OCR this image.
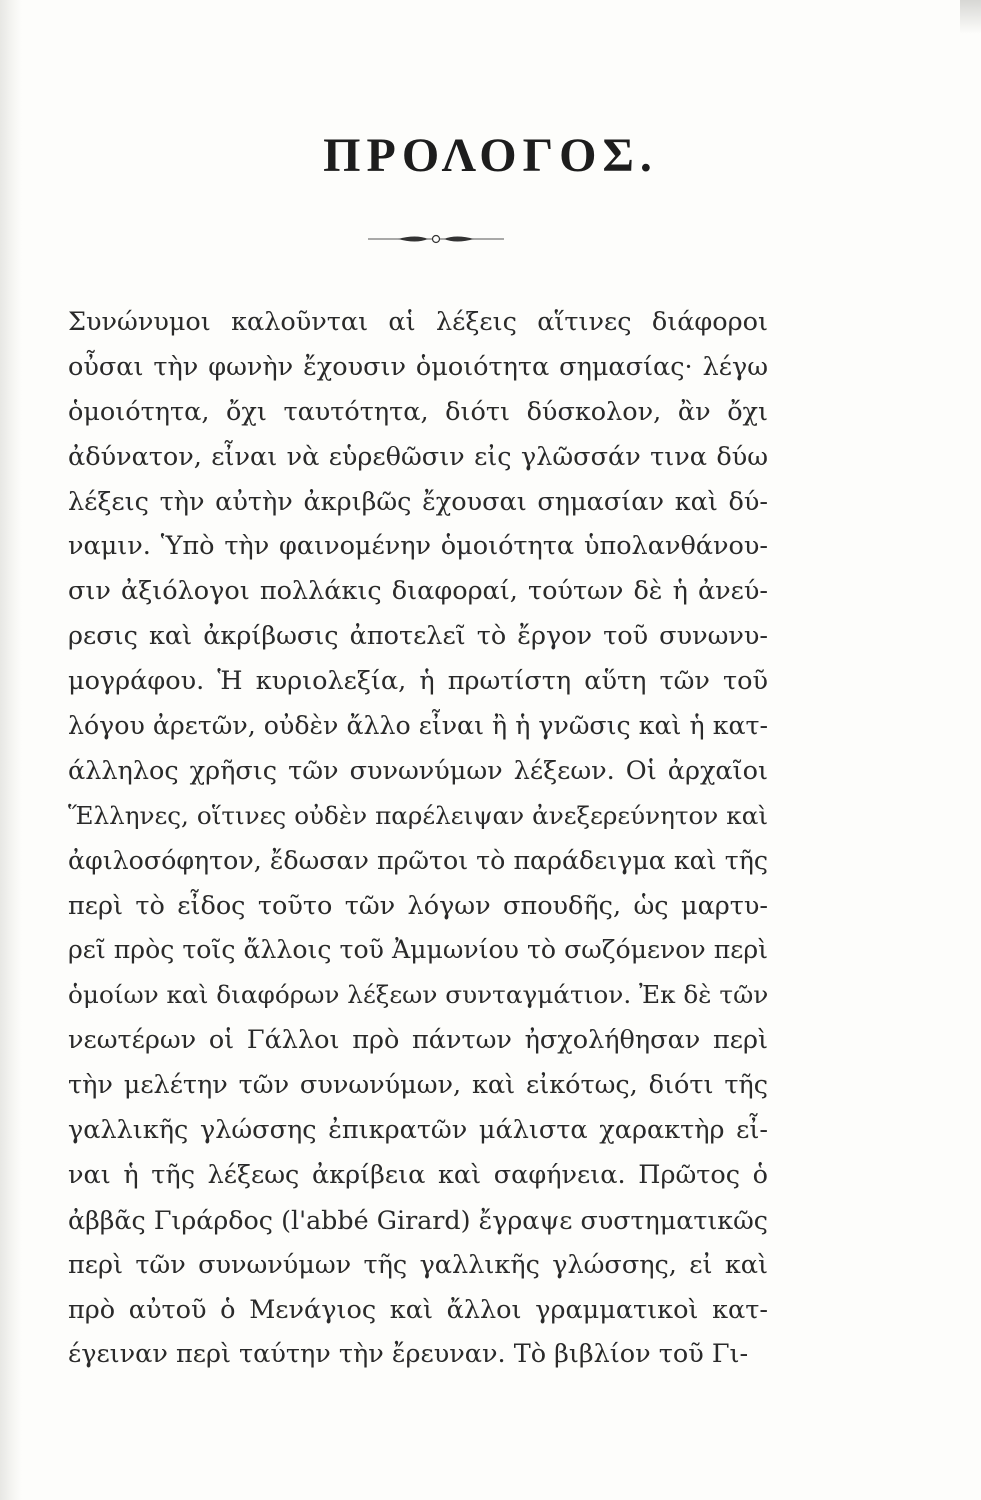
ΠΡΟΛΟΓΟΣ.
Συνώνυμοι καλοῦνται αἱ λέξεις αἵτινες διάφοροι
οὖσαι τὴν φωνὴν ἔχουσιν ὁμοιότητα σημασίας· λέγω
ὁμοιότητα, ὄχι ταυτότητα, διότι δύσκολον, ἂν ὄχι
ἀδύνατον, εἶναι νὰ εὑρεθῶσιν εἰς γλῶσσάν τινα δύω
λέξεις τὴν αὐτὴν ἀκριβῶς ἔχουσαι σημασίαν καὶ δύ-
ναμιν. Ὑπὸ τὴν φαινομένην ὁμοιότητα ὑπολανθάνου-
σιν ἀξιόλογοι πολλάκις διαφοραί, τούτων δὲ ἡ ἀνεύ-
ρεσις καὶ ἀκρίβωσις ἀποτελεῖ τὸ ἔργον τοῦ συνωνυ-
μογράφου. Ἡ κυριολεξία, ἡ πρωτίστη αὕτη τῶν τοῦ
λόγου ἀρετῶν, οὐδὲν ἄλλο εἶναι ἢ ἡ γνῶσις καὶ ἡ κατ-
άλληλος χρῆσις τῶν συνωνύμων λέξεων. Οἱ ἀρχαῖοι
Ἕλληνες, οἵτινες οὐδὲν παρέλειψαν ἀνεξερεύνητον καὶ
ἀφιλοσόφητον, ἔδωσαν πρῶτοι τὸ παράδειγμα καὶ τῆς
περὶ τὸ εἶδος τοῦτο τῶν λόγων σπουδῆς, ὡς μαρτυ-
ρεῖ πρὸς τοῖς ἄλλοις τοῦ Ἀμμωνίου τὸ σωζόμενον περὶ
ὁμοίων καὶ διαφόρων λέξεων συνταγμάτιον. Ἐκ δὲ τῶν
νεωτέρων οἱ Γάλλοι πρὸ πάντων ἠσχολήθησαν περὶ
τὴν μελέτην τῶν συνωνύμων, καὶ εἰκότως, διότι τῆς
γαλλικῆς γλώσσης ἐπικρατῶν μάλιστα χαρακτὴρ εἶ-
ναι ἡ τῆς λέξεως ἀκρίβεια καὶ σαφήνεια. Πρῶτος ὁ
ἀββᾶς Γιράρδος (l'abbé Girard) ἔγραψε συστηματικῶς
περὶ τῶν συνωνύμων τῆς γαλλικῆς γλώσσης, εἰ καὶ
πρὸ αὐτοῦ ὁ Μενάγιος καὶ ἄλλοι γραμματικοὶ κατ-
έγειναν περὶ ταύτην τὴν ἔρευναν. Τὸ βιβλίον τοῦ Γι-
